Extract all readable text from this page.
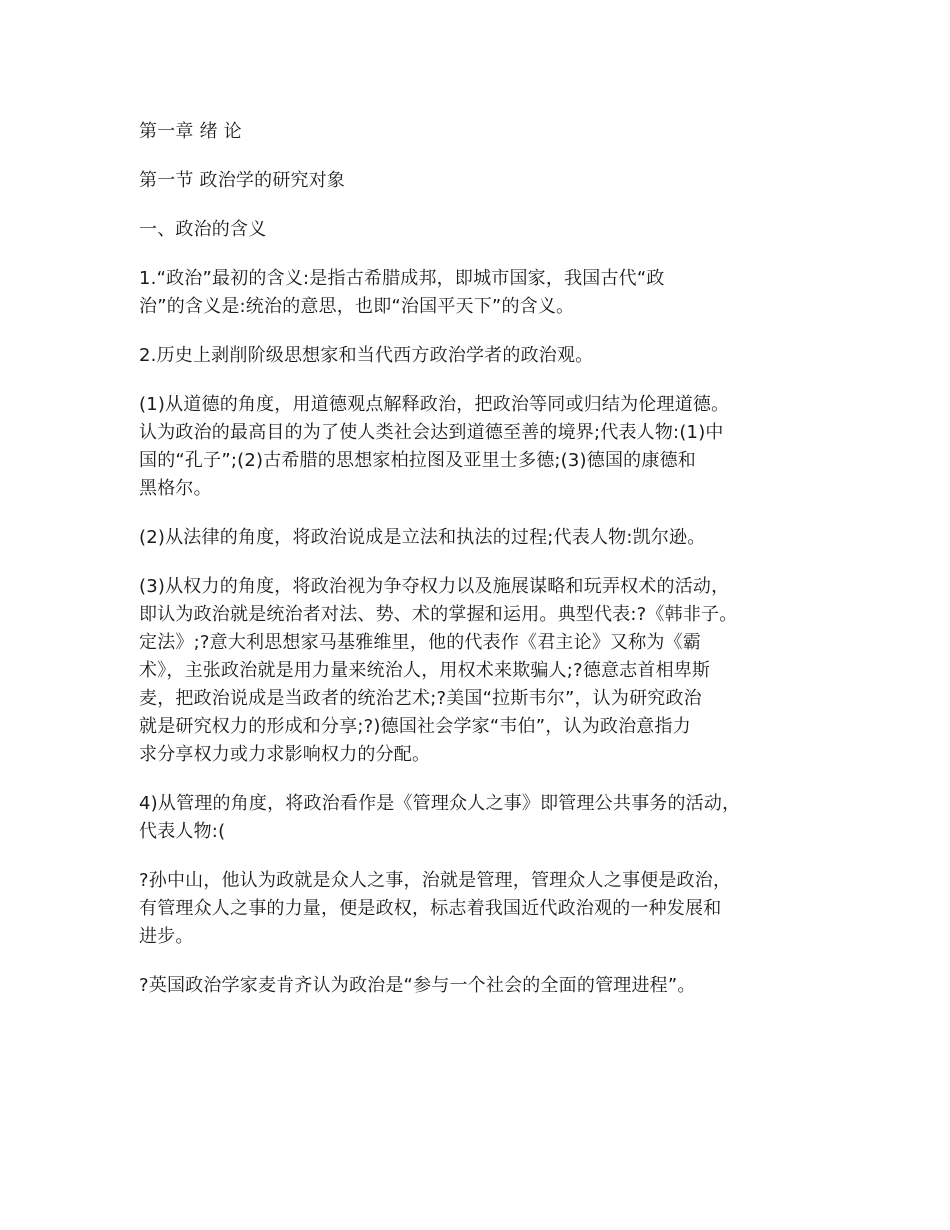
第一章 绪 论

第一节 政治学的研究对象

一、政治的含义

1.“政治”最初的含义:是指古希腊成邦，即城市国家，我国古代“政
治”的含义是:统治的意思，也即“治国平天下”的含义。

2.历史上剥削阶级思想家和当代西方政治学者的政治观。

(1)从道德的角度，用道德观点解释政治，把政治等同或归结为伦理道德。
认为政治的最高目的为了使人类社会达到道德至善的境界;代表人物:(1)中
国的“孔子”;(2)古希腊的思想家柏拉图及亚里士多德;(3)德国的康德和
黑格尔。

(2)从法律的角度，将政治说成是立法和执法的过程;代表人物:凯尔逊。

(3)从权力的角度，将政治视为争夺权力以及施展谋略和玩弄权术的活动，
即认为政治就是统治者对法、势、术的掌握和运用。典型代表:?《韩非子。
定法》;?意大利思想家马基雅维里，他的代表作《君主论》又称为《霸
术》，主张政治就是用力量来统治人，用权术来欺骗人;?德意志首相卑斯
麦，把政治说成是当政者的统治艺术;?美国“拉斯韦尔”，认为研究政治
就是研究权力的形成和分享;?)德国社会学家“韦伯”，认为政治意指力
求分享权力或力求影响权力的分配。

4)从管理的角度，将政治看作是《管理众人之事》即管理公共事务的活动，
代表人物:(

?孙中山，他认为政就是众人之事，治就是管理，管理众人之事便是政治，
有管理众人之事的力量，便是政权，标志着我国近代政治观的一种发展和
进步。

?英国政治学家麦肯齐认为政治是“参与一个社会的全面的管理进程”。
